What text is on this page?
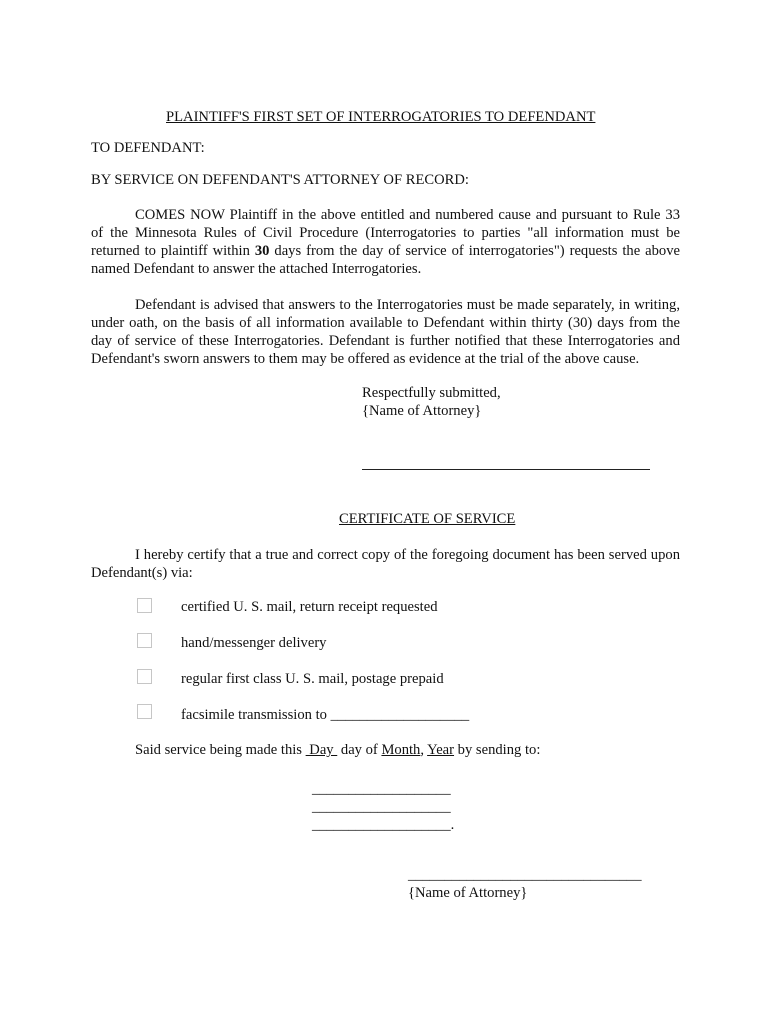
PLAINTIFF'S FIRST SET OF INTERROGATORIES TO DEFENDANT
TO DEFENDANT:
BY SERVICE ON DEFENDANT'S ATTORNEY OF RECORD:
COMES NOW Plaintiff in the above entitled and numbered cause and pursuant to Rule 33
of the Minnesota Rules of Civil Procedure (Interrogatories to parties "all information must be
returned to plaintiff within 30 days from the day of service of interrogatories") requests the above
named Defendant to answer the attached Interrogatories.
Defendant is advised that answers to the Interrogatories must be made separately, in writing,
under oath, on the basis of all information available to Defendant within thirty (30) days from the
day of service of these Interrogatories. Defendant is further notified that these Interrogatories and
Defendant's sworn answers to them may be offered as evidence at the trial of the above cause.
Respectfully submitted,
{Name of Attorney}
CERTIFICATE OF SERVICE
I hereby certify that a true and correct copy of the foregoing document has been served upon
Defendant(s) via:
certified U. S. mail, return receipt requested
hand/messenger delivery
regular first class U. S. mail, postage prepaid
facsimile transmission to ___________________
Said service being made this  Day  day of Month, Year by sending to:
___________________
___________________
___________________.
________________________________
{Name of Attorney}
